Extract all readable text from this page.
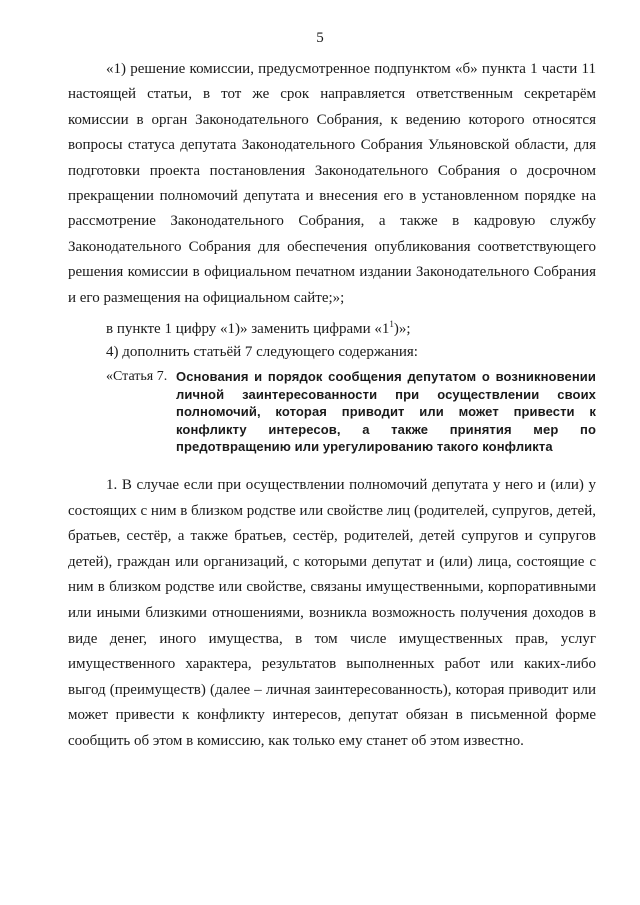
5
«1) решение комиссии, предусмотренное подпунктом «б» пункта 1 части 11 настоящей статьи, в тот же срок направляется ответственным секретарём комиссии в орган Законодательного Собрания, к ведению которого относятся вопросы статуса депутата Законодательного Собрания Ульяновской области, для подготовки проекта постановления Законодательного Собрания о досрочном прекращении полномочий депутата и внесения его в установленном порядке на рассмотрение Законодательного Собрания, а также в кадровую службу Законодательного Собрания для обеспечения опубликования соответствующего решения комиссии в официальном печатном издании Законодательного Собрания и его размещения на официальном сайте;»;
в пункте 1 цифру «1)» заменить цифрами «$1^1$)»;
4) дополнить статьёй 7 следующего содержания:
«Статья 7. Основания и порядок сообщения депутатом о возникновении личной заинтересованности при осуществлении своих полномочий, которая приводит или может привести к конфликту интересов, а также принятия мер по предотвращению или урегулированию такого конфликта
1. В случае если при осуществлении полномочий депутата у него и (или) у состоящих с ним в близком родстве или свойстве лиц (родителей, супругов, детей, братьев, сестёр, а также братьев, сестёр, родителей, детей супругов и супругов детей), граждан или организаций, с которыми депутат и (или) лица, состоящие с ним в близком родстве или свойстве, связаны имущественными, корпоративными или иными близкими отношениями, возникла возможность получения доходов в виде денег, иного имущества, в том числе имущественных прав, услуг имущественного характера, результатов выполненных работ или каких-либо выгод (преимуществ) (далее – личная заинтересованность), которая приводит или может привести к конфликту интересов, депутат обязан в письменной форме сообщить об этом в комиссию, как только ему станет об этом известно.
